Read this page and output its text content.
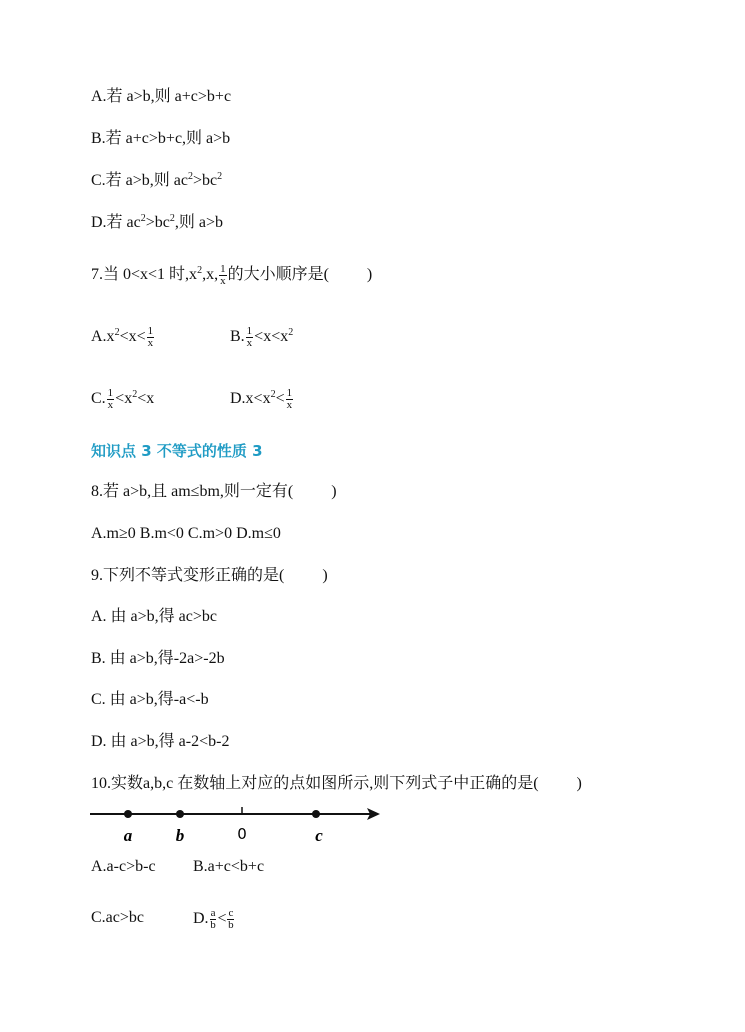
A.若 a>b,则 a+c>b+c
B.若 a+c>b+c,则 a>b
C.若 a>b,则 $ac^2>bc^2$
D.若 $ac^2>bc^2$,则 a>b
7.当 0<x<1 时$,x^2,x$, $\frac{1}{x}$ 的大小顺序是( )
$A.x^2<x< \frac{1}{x}$	B. $\frac{1}{x} <x<x^2$
C. $\frac{1}{x} <x^2<x$	$D.x<x^2< \frac{1}{x}$
知识点 3 不等式的性质 3
8.若 a>b,且 am≤bm,则一定有( )
A.m≥0 B.m<0 C.m>0 D.m≤0
9.下列不等式变形正确的是( )
A. 由 a>b,得 ac>bc
B. 由 a>b,得-2a>-2b
C. 由 a>b,得-a<-b
D. 由 a>b,得 a-2<b-2
10.实数a,b,c 在数轴上对应的点如图所示,则下列式子中正确的是( )
a	b	0	c
A.a-c>b-c B.a+c<b+c
C.ac>bc	D. $\frac{a}{b} < \frac{c}{b}$
